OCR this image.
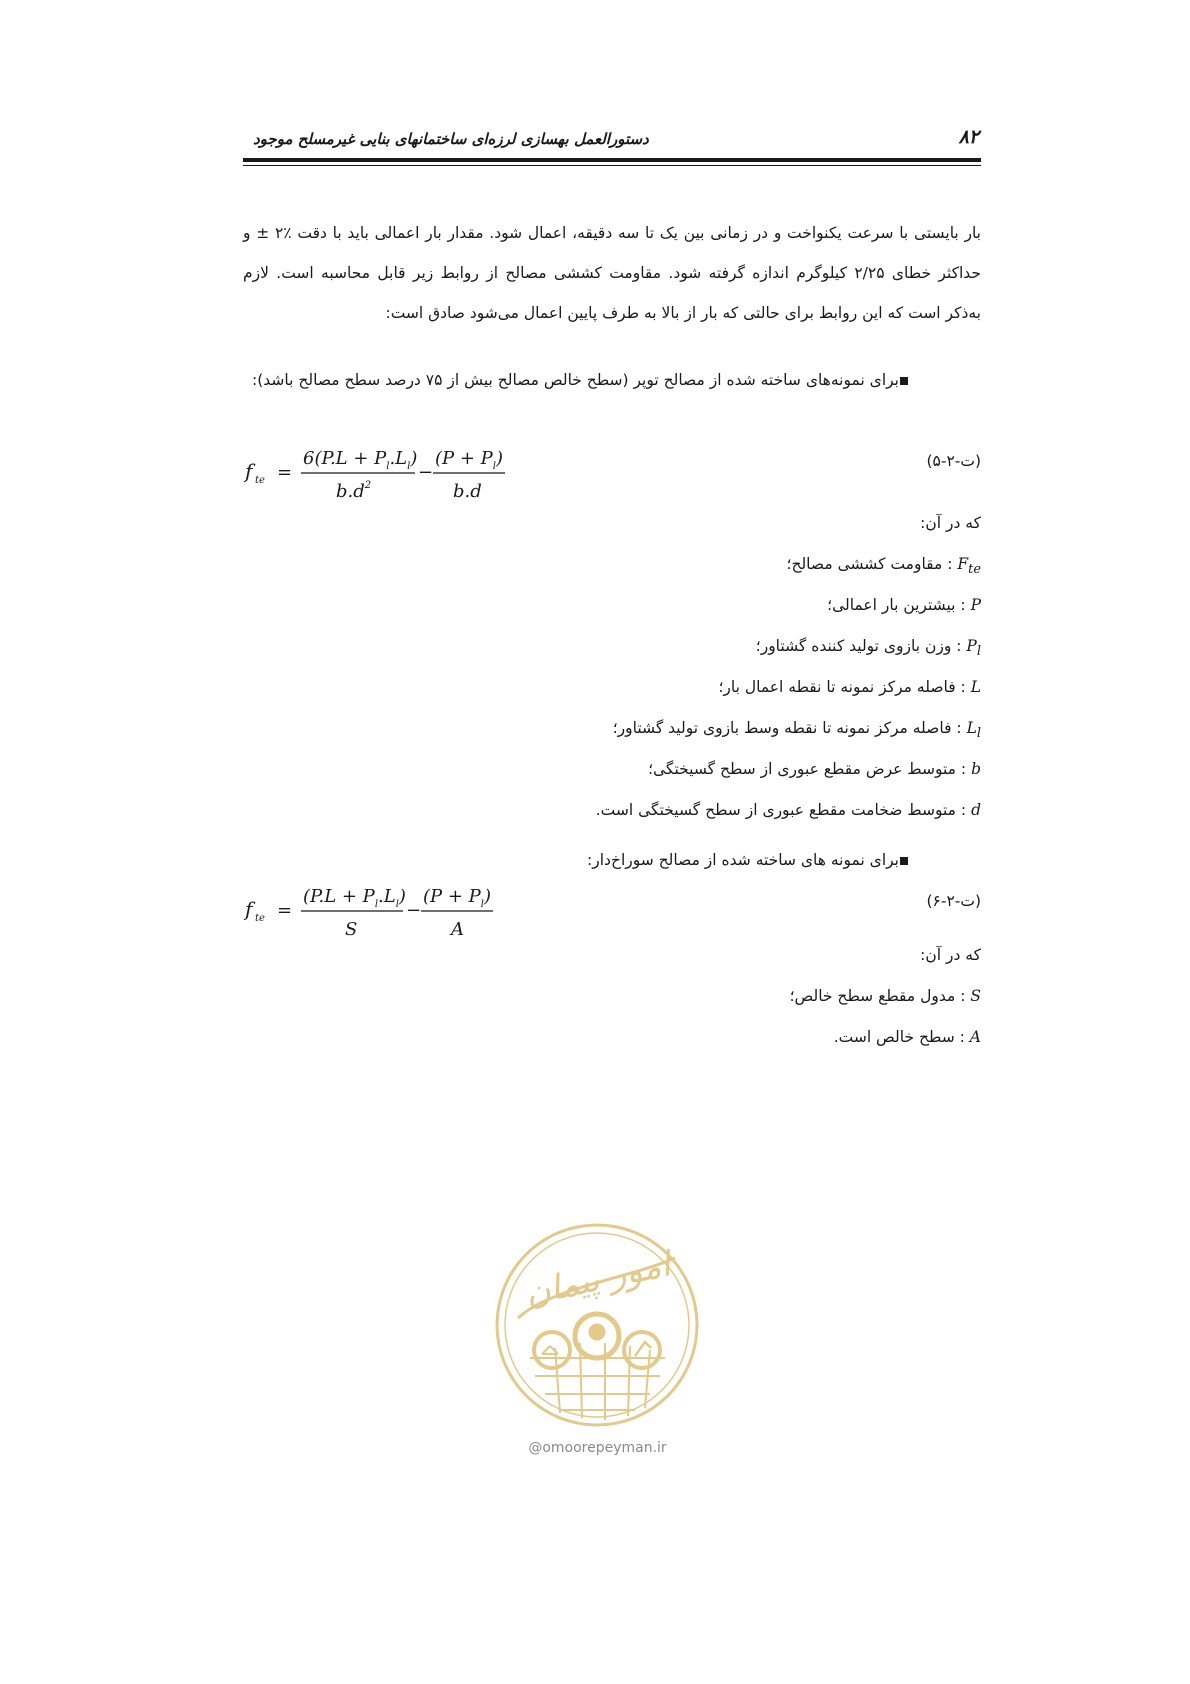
دستورالعمل بهسازی لرزه‌ای ساختمانهای بنایی غیرمسلح موجود	۸۲
بار بایستی با سرعت یکنواخت و در زمانی بین یک تا سه دقیقه، اعمال شود. مقدار بار اعمالی باید با دقت ٪۲ ± و حداکثر خطای ۲/۲۵ کیلوگرم اندازه گرفته شود. مقاومت کششی مصالح از روابط زیر قابل محاسبه است. لازم به‌ذکر است که این روابط برای حالتی که بار از بالا به طرف پایین اعمال می‌شود صادق است:
برای نمونه‌های ساخته شده از مصالح توپر (سطح خالص مصالح بیش از ۷۵ درصد سطح مصالح باشد):
(ت-۲-۵)
f te =
$6(P.L + P_l.L_l)$
$b.d^2$
−
$(P + P_l)$
b.d
که در آن:
$F_{te}$ : مقاومت کششی مصالح؛
P : بیشترین بار اعمالی؛
$P_l$ : وزن بازوی تولید کننده گشتاور؛
L : فاصله مرکز نمونه تا نقطه اعمال بار؛
$L_l$ : فاصله مرکز نمونه تا نقطه وسط بازوی تولید گشتاور؛
b : متوسط عرض مقطع عبوری از سطح گسیختگی؛
d : متوسط ضخامت مقطع عبوری از سطح گسیختگی است.
برای نمونه های ساخته شده از مصالح سوراخ‌دار:
(ت-۲-۶)
f te =
$(P.L + P_l.L_l)$
S
−
$(P + P_l)$
A
که در آن:
S : مدول مقطع سطح خالص؛
A : سطح خالص است.
امور پیمان
@omoorepeyman.ir
